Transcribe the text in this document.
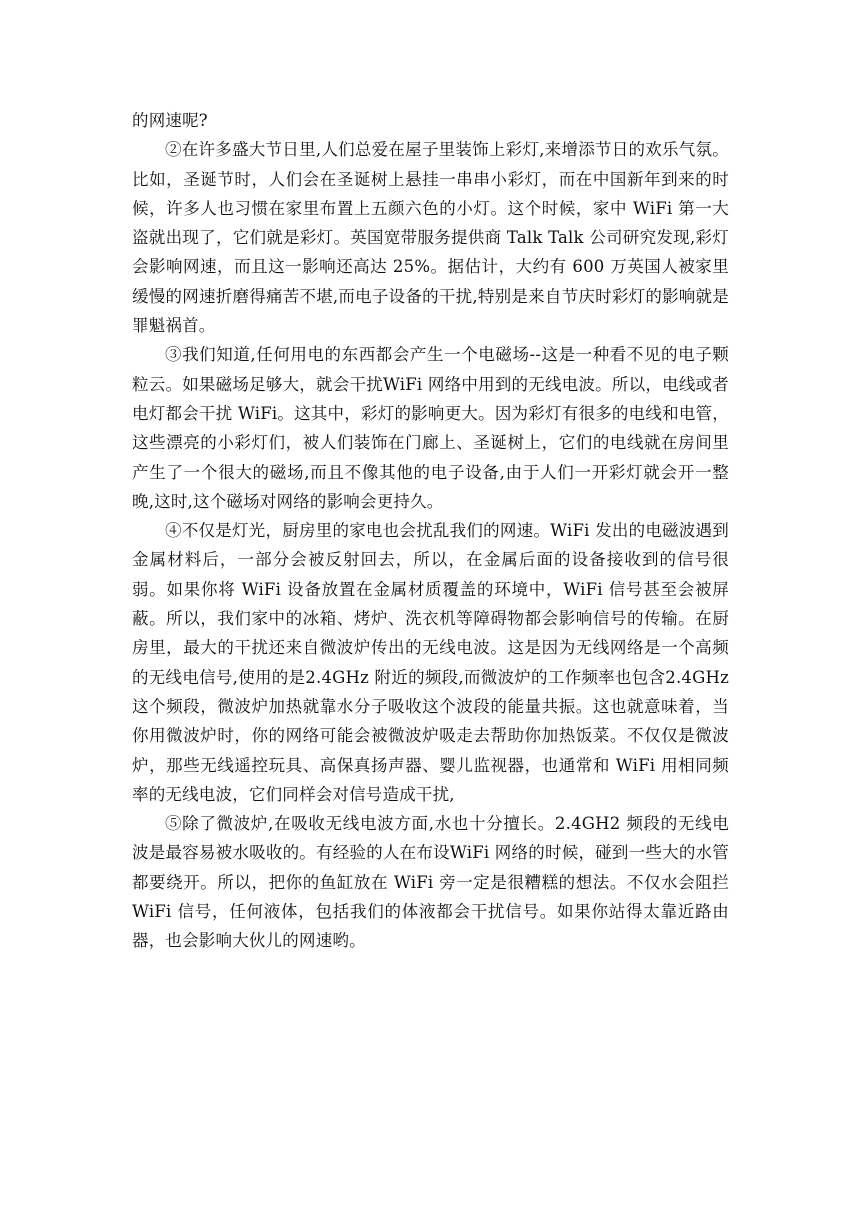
的网速呢?

②在许多盛大节日里,人们总爱在屋子里装饰上彩灯,来增添节日的欢乐气氛。比如，圣诞节时，人们会在圣诞树上悬挂一串串小彩灯，而在中国新年到来的时候，许多人也习惯在家里布置上五颜六色的小灯。这个时候，家中 WiFi 第一大盗就出现了，它们就是彩灯。英国宽带服务提供商 Talk Talk 公司研究发现,彩灯会影响网速，而且这一影响还高达 25%。据估计，大约有 600 万英国人被家里缓慢的网速折磨得痛苦不堪,而电子设备的干扰,特别是来自节庆时彩灯的影响就是罪魁祸首。

③我们知道,任何用电的东西都会产生一个电磁场--这是一种看不见的电子颗粒云。如果磁场足够大，就会干扰WiFi 网络中用到的无线电波。所以，电线或者电灯都会干扰 WiFi。这其中，彩灯的影响更大。因为彩灯有很多的电线和电管，这些漂亮的小彩灯们，被人们装饰在门廊上、圣诞树上，它们的电线就在房间里产生了一个很大的磁场,而且不像其他的电子设备,由于人们一开彩灯就会开一整晚,这时,这个磁场对网络的影响会更持久。

④不仅是灯光，厨房里的家电也会扰乱我们的网速。WiFi 发出的电磁波遇到金属材料后，一部分会被反射回去，所以，在金属后面的设备接收到的信号很弱。如果你将 WiFi 设备放置在金属材质覆盖的环境中，WiFi 信号甚至会被屏蔽。所以，我们家中的冰箱、烤炉、洗衣机等障碍物都会影响信号的传输。在厨房里，最大的干扰还来自微波炉传出的无线电波。这是因为无线网络是一个高频的无线电信号,使用的是2.4GHz 附近的频段,而微波炉的工作频率也包含2.4GHz 这个频段，微波炉加热就靠水分子吸收这个波段的能量共振。这也就意味着，当你用微波炉时，你的网络可能会被微波炉吸走去帮助你加热饭菜。不仅仅是微波炉，那些无线遥控玩具、高保真扬声器、婴儿监视器，也通常和 WiFi 用相同频率的无线电波，它们同样会对信号造成干扰,

⑤除了微波炉,在吸收无线电波方面,水也十分擅长。2.4GH2 频段的无线电波是最容易被水吸收的。有经验的人在布设WiFi 网络的时候，碰到一些大的水管都要绕开。所以，把你的鱼缸放在 WiFi 旁一定是很糟糕的想法。不仅水会阻拦 WiFi 信号，任何液体，包括我们的体液都会干扰信号。如果你站得太靠近路由器，也会影响大伙儿的网速哟。
